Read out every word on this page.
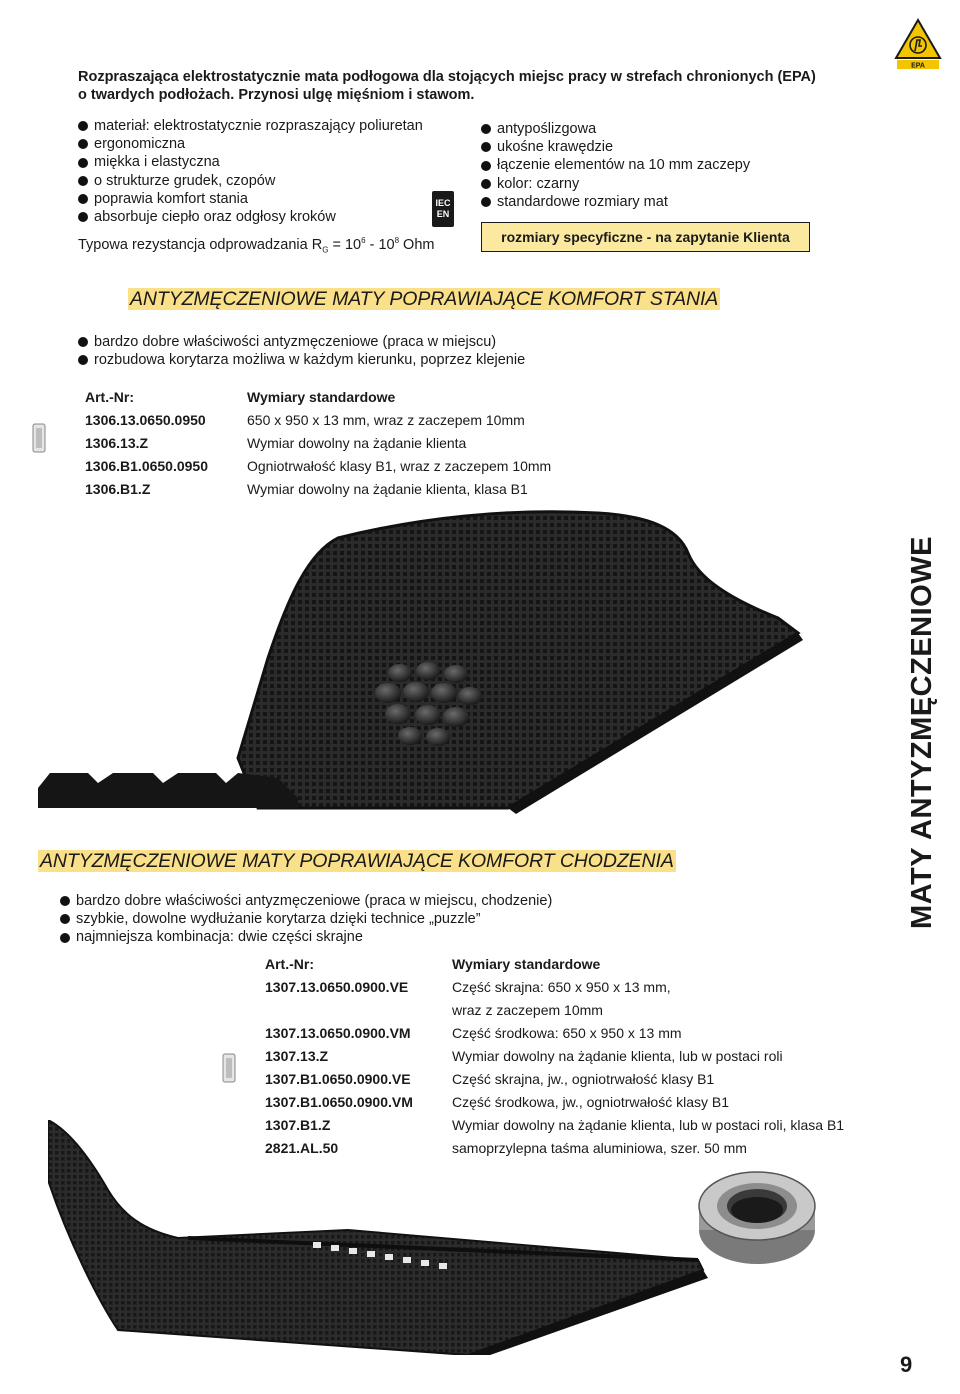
EPA
Rozpraszająca elektrostatycznie mata podłogowa dla stojących miejsc pracy w strefach chronionych (EPA) o twardych podłożach. Przynosi ulgę mięśniom i stawom.
materiał: elektrostatycznie rozpraszający poliuretan
ergonomiczna
miękka i elastyczna
o strukturze grudek, czopów
poprawia komfort stania
absorbuje ciepło oraz odgłosy kroków
Typowa rezystancja odprowadzania $R_G = 10^6 - 10^8$ Ohm
IEC
EN
antypoślizgowa
ukośne krawędzie
łączenie elementów na 10 mm zaczepy
kolor: czarny
standardowe rozmiary mat
rozmiary specyficzne - na zapytanie Klienta
ANTYZMĘCZENIOWE MATY POPRAWIAJĄCE KOMFORT STANIA
bardzo dobre właściwości antyzmęczeniowe (praca w miejscu)
rozbudowa korytarza możliwa w każdym kierunku, poprzez klejenie
Art.-Nr:	Wymiary standardowe
1306.13.0650.0950	650 x 950 x 13 mm, wraz z zaczepem 10mm
1306.13.Z	Wymiar dowolny na żądanie klienta
1306.B1.0650.0950	Ogniotrwałość klasy B1, wraz z zaczepem 10mm
1306.B1.Z	Wymiar dowolny na żądanie klienta, klasa B1
ANTYZMĘCZENIOWE MATY POPRAWIAJĄCE KOMFORT CHODZENIA
bardzo dobre właściwości antyzmęczeniowe (praca w miejscu, chodzenie)
szybkie, dowolne wydłużanie korytarza dzięki technice „puzzle”
najmniejsza kombinacja: dwie części skrajne
Art.-Nr:	Wymiary standardowe
1307.13.0650.0900.VE	Część skrajna: 650 x 950 x 13 mm,
wraz z zaczepem 10mm
1307.13.0650.0900.VM	Część środkowa: 650 x 950 x 13 mm
1307.13.Z	Wymiar dowolny na żądanie klienta, lub w postaci roli
1307.B1.0650.0900.VE	Część skrajna, jw., ogniotrwałość klasy B1
1307.B1.0650.0900.VM	Część środkowa, jw., ogniotrwałość klasy B1
1307.B1.Z	Wymiar dowolny na żądanie klienta, lub w postaci roli, klasa B1
2821.AL.50	samoprzylepna taśma aluminiowa, szer. 50 mm
MATY ANTYZMĘCZENIOWE
9
